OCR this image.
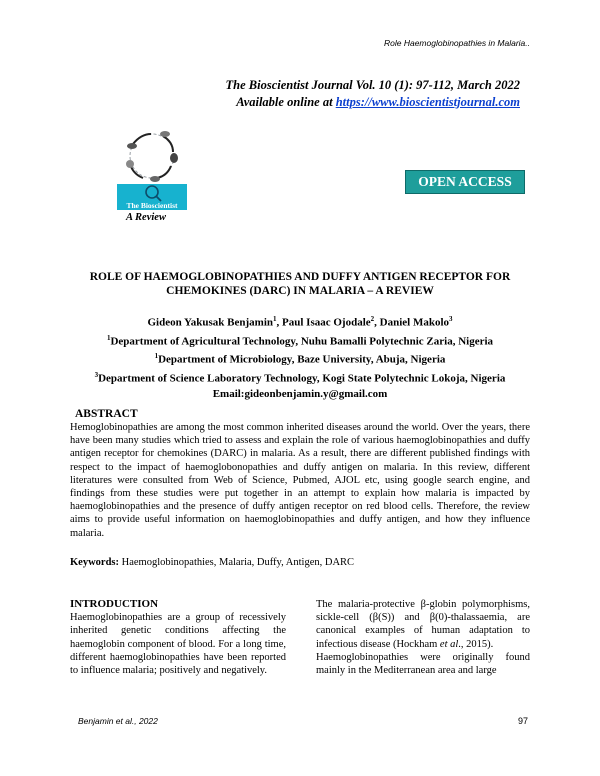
Role Haemoglobinopathies in Malaria..
The Bioscientist Journal Vol. 10 (1): 97-112, March 2022
Available online at https://www.bioscientistjournal.com
The Bioscientist
A Review
OPEN ACCESS
ROLE OF HAEMOGLOBINOPATHIES AND DUFFY ANTIGEN RECEPTOR FOR CHEMOKINES (DARC) IN MALARIA – A REVIEW
Gideon Yakusak Benjamin$^1$, Paul Isaac Ojodale$^2$, Daniel Makolo$^3$
$^1$Department of Agricultural Technology, Nuhu Bamalli Polytechnic Zaria, Nigeria
$^1$Department of Microbiology, Baze University, Abuja, Nigeria
$^3$Department of Science Laboratory Technology, Kogi State Polytechnic Lokoja, Nigeria
Email:gideonbenjamin.y@gmail.com
ABSTRACT

Hemoglobinopathies are among the most common inherited diseases around the world. Over the years, there have been many studies which tried to assess and explain the role of various haemoglobinopathies and duffy antigen receptor for chemokines (DARC) in malaria. As a result, there are different published findings with respect to the impact of haemoglobonopathies and duffy antigen on malaria. In this review, different literatures were consulted from Web of Science, Pubmed, AJOL etc, using google search engine, and findings from these studies were put together in an attempt to explain how malaria is impacted by haemoglobinopathies and the presence of duffy antigen receptor on red blood cells. Therefore, the review aims to provide useful information on haemoglobinopathies and duffy antigen, and how they influence malaria.

Keywords: Haemoglobinopathies, Malaria, Duffy, Antigen, DARC
INTRODUCTION

Haemoglobinopathies are a group of recessively inherited genetic conditions affecting the haemoglobin component of blood. For a long time, different haemoglobinopathies have been reported to influence malaria; positively and negatively.

The malaria-protective β-globin polymorphisms, sickle-cell (β(S)) and β(0)-thalassaemia, are canonical examples of human adaptation to infectious disease (Hockham et al., 2015).

Haemoglobinopathies were originally found mainly in the Mediterranean area and large

Benjamin et al., 2022	97
